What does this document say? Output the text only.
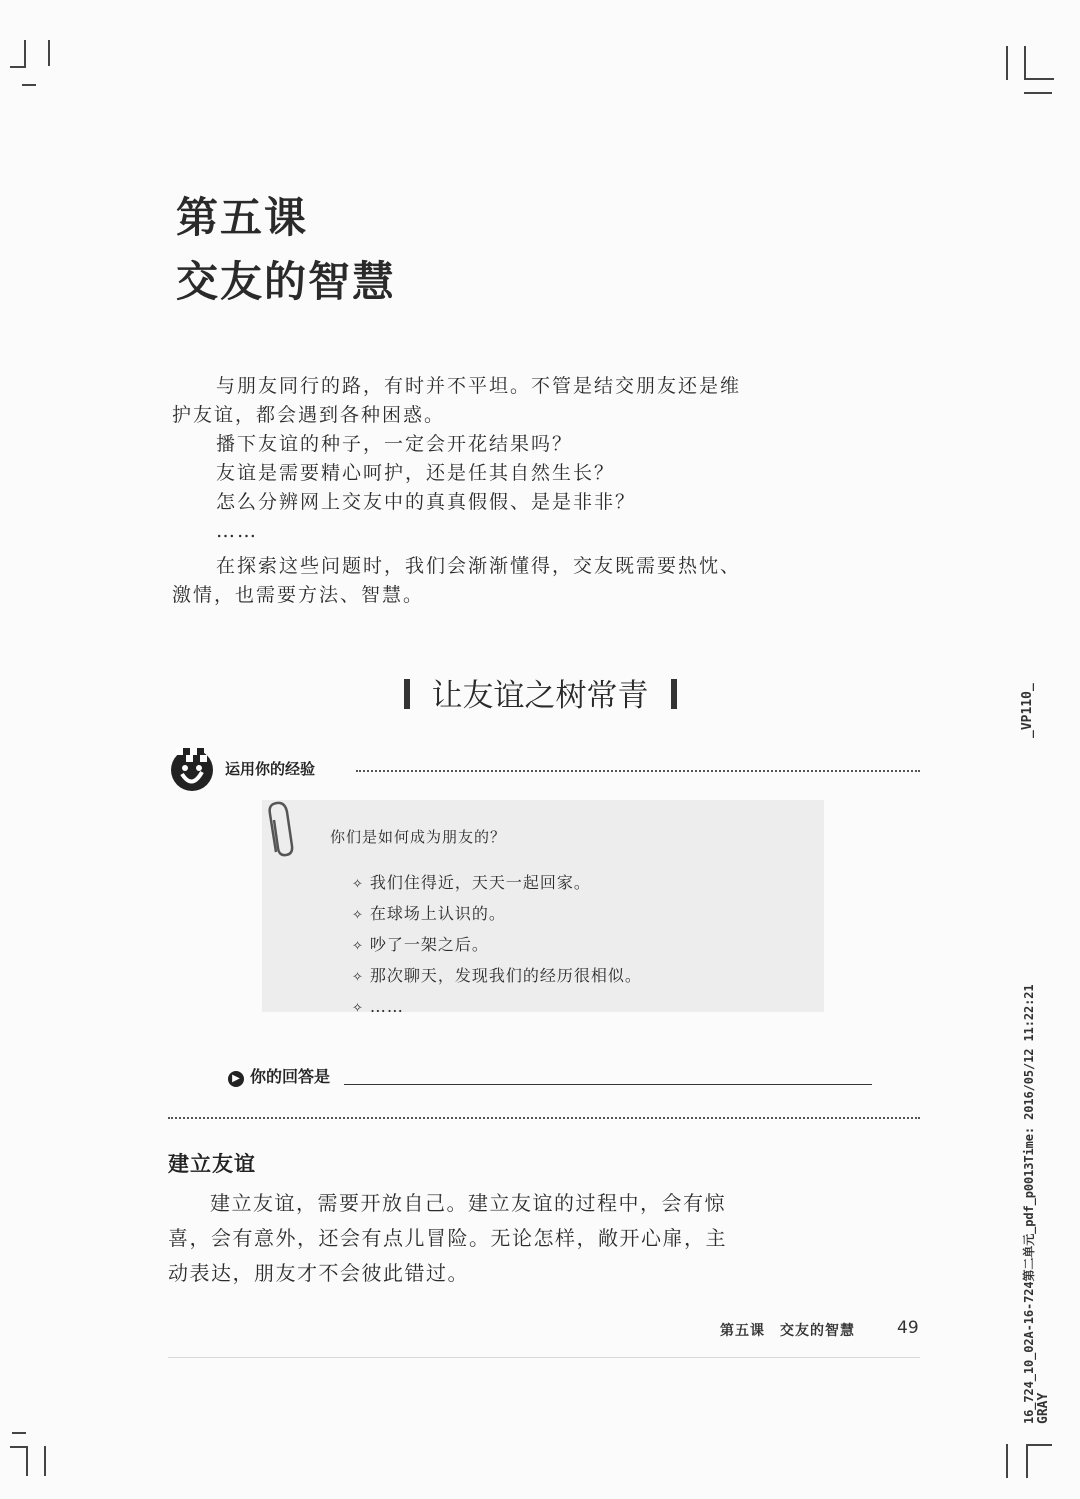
第五课
交友的智慧

与朋友同行的路，有时并不平坦。不管是结交朋友还是维护友谊，都会遇到各种困惑。

播下友谊的种子，一定会开花结果吗？

友谊是需要精心呵护，还是任其自然生长？

怎么分辨网上交友中的真真假假、是是非非？

……

在探索这些问题时，我们会渐渐懂得，交友既需要热忱、激情，也需要方法、智慧。

让友谊之树常青
运用你的经验
你们是如何成为朋友的？
✧ 我们住得近，天天一起回家。
✧ 在球场上认识的。
✧ 吵了一架之后。
✧ 那次聊天，发现我们的经历很相似。
✧ ……
▶ 你的回答是
建立友谊

建立友谊，需要开放自己。建立友谊的过程中，会有惊喜，会有意外，还会有点儿冒险。无论怎样，敞开心扉，主动表达，朋友才不会彼此错过。

第五课　交友的智慧 49
_VP110_
16_724_10_02A-16-724第二单元_pdf_p0013Time: 2016/05/12 11:22:21 GRAY
